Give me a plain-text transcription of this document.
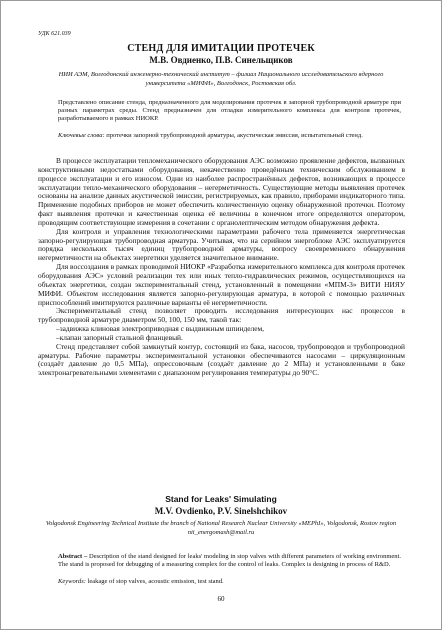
УДК 621.039
СТЕНД ДЛЯ ИМИТАЦИИ ПРОТЕЧЕК
М.В. Овдиенко, П.В. Синельщиков
НИИ АЭМ, Волгодонский инженерно-технический институт – филиал Национального исследовательского ядерного университета «МИФИ», Волгодонск, Ростовская обл.
Представлено описание стенда, предназначенного для моделирования протечек в запорной трубопроводной арматуре при разных параметрах среды. Стенд предназначен для отладки измерительного комплекса для контроля протечек, разработываемого в рамках НИОКР.
Ключевые слова: протечки запорной трубопроводной арматуры, акустическая эмиссия, испытательный стенд.

В процессе эксплуатации тепломеханического оборудования АЭС возможно проявление дефектов, вызванных конструктивными недостатками оборудования, некачественно проведённым техническим обслуживанием в процессе эксплуатации и его износом. Одни из наиболее распространённых дефектов, возникающих в процессе эксплуатации тепло-механического оборудования – негерметичность. Существующие методы выявления протечек основаны на анализе данных акустической эмиссии, регистрируемых, как правило, приборами индикаторного типа. Применение подобных приборов не может обеспечить количественную оценку обнаруженной протечки. Поэтому факт выявления протечки и качественная оценка её величины в конечном итоге определяются оператором, проводящим соответствующие измерения в сочетании с органолептическим методом обнаружения дефекта.

Для контроля и управления технологическими параметрами рабочего тела применяется энергетическая запорно-регулирующая трубопроводная арматура. Учитывая, что на серийном энергоблоке АЭС эксплуатируется порядка нескольких тысяч единиц трубопроводной арматуры, вопросу своевременного обнаружения негерметичности на объектах энергетики уделяется значительное внимание.

Для воссоздания в рамках проводимой НИОКР «Разработка измерительного комплекса для контроля протечек оборудования АЭС» условий реализации тех или иных тепло-гидравлических режимов, осуществляющихся на объектах энергетики, создан экспериментальный стенд, установленный в помещении «МПМ-3» ВИТИ НИЯУ МИФИ. Объектом исследования является запорно-регулирующая арматура, в которой с помощью различных приспособлений имитируются различные варианты её негерметичности.

Экспериментальный стенд позволяет проводить исследования интересующих нас процессов в трубопроводной арматуре диаметром 50, 100, 150 мм, такой так:

–задвижка клиновая электроприводная с выдвижным шпинделем,

–клапан запорный стальной фланцевый.

Стенд представляет собой замкнутый контур, состоящий из бака, насосов, трубопроводов и трубопроводной арматуры. Рабочие параметры экспериментальной установки обеспечиваются насосами – циркуляционным (создаёт давление до 0,5 МПа), опрессовочным (создаёт давление до 2 МПа) и установленными в баке электронагревательными элементами с диапазоном регулирования температуры до 90°С.

Stand for Leaks' Simulating
M.V. Ovdienko, P.V. Sinelshchikov
Volgodonsk Engineering Technical Institute the branch of National Research Nuclear University «MEPhI», Volgodonsk, Rostov region
nii_energomash@mail.ru
Abstract – Description of the stand designed for leaks' modeling in stop valves with different parameters of working environment. The stand is proposed for debugging of a measuring complex for the control of leaks. Complex is designing in process of R&D.
Keywords: leakage of stop valves, acoustic emission, test stand.
60
